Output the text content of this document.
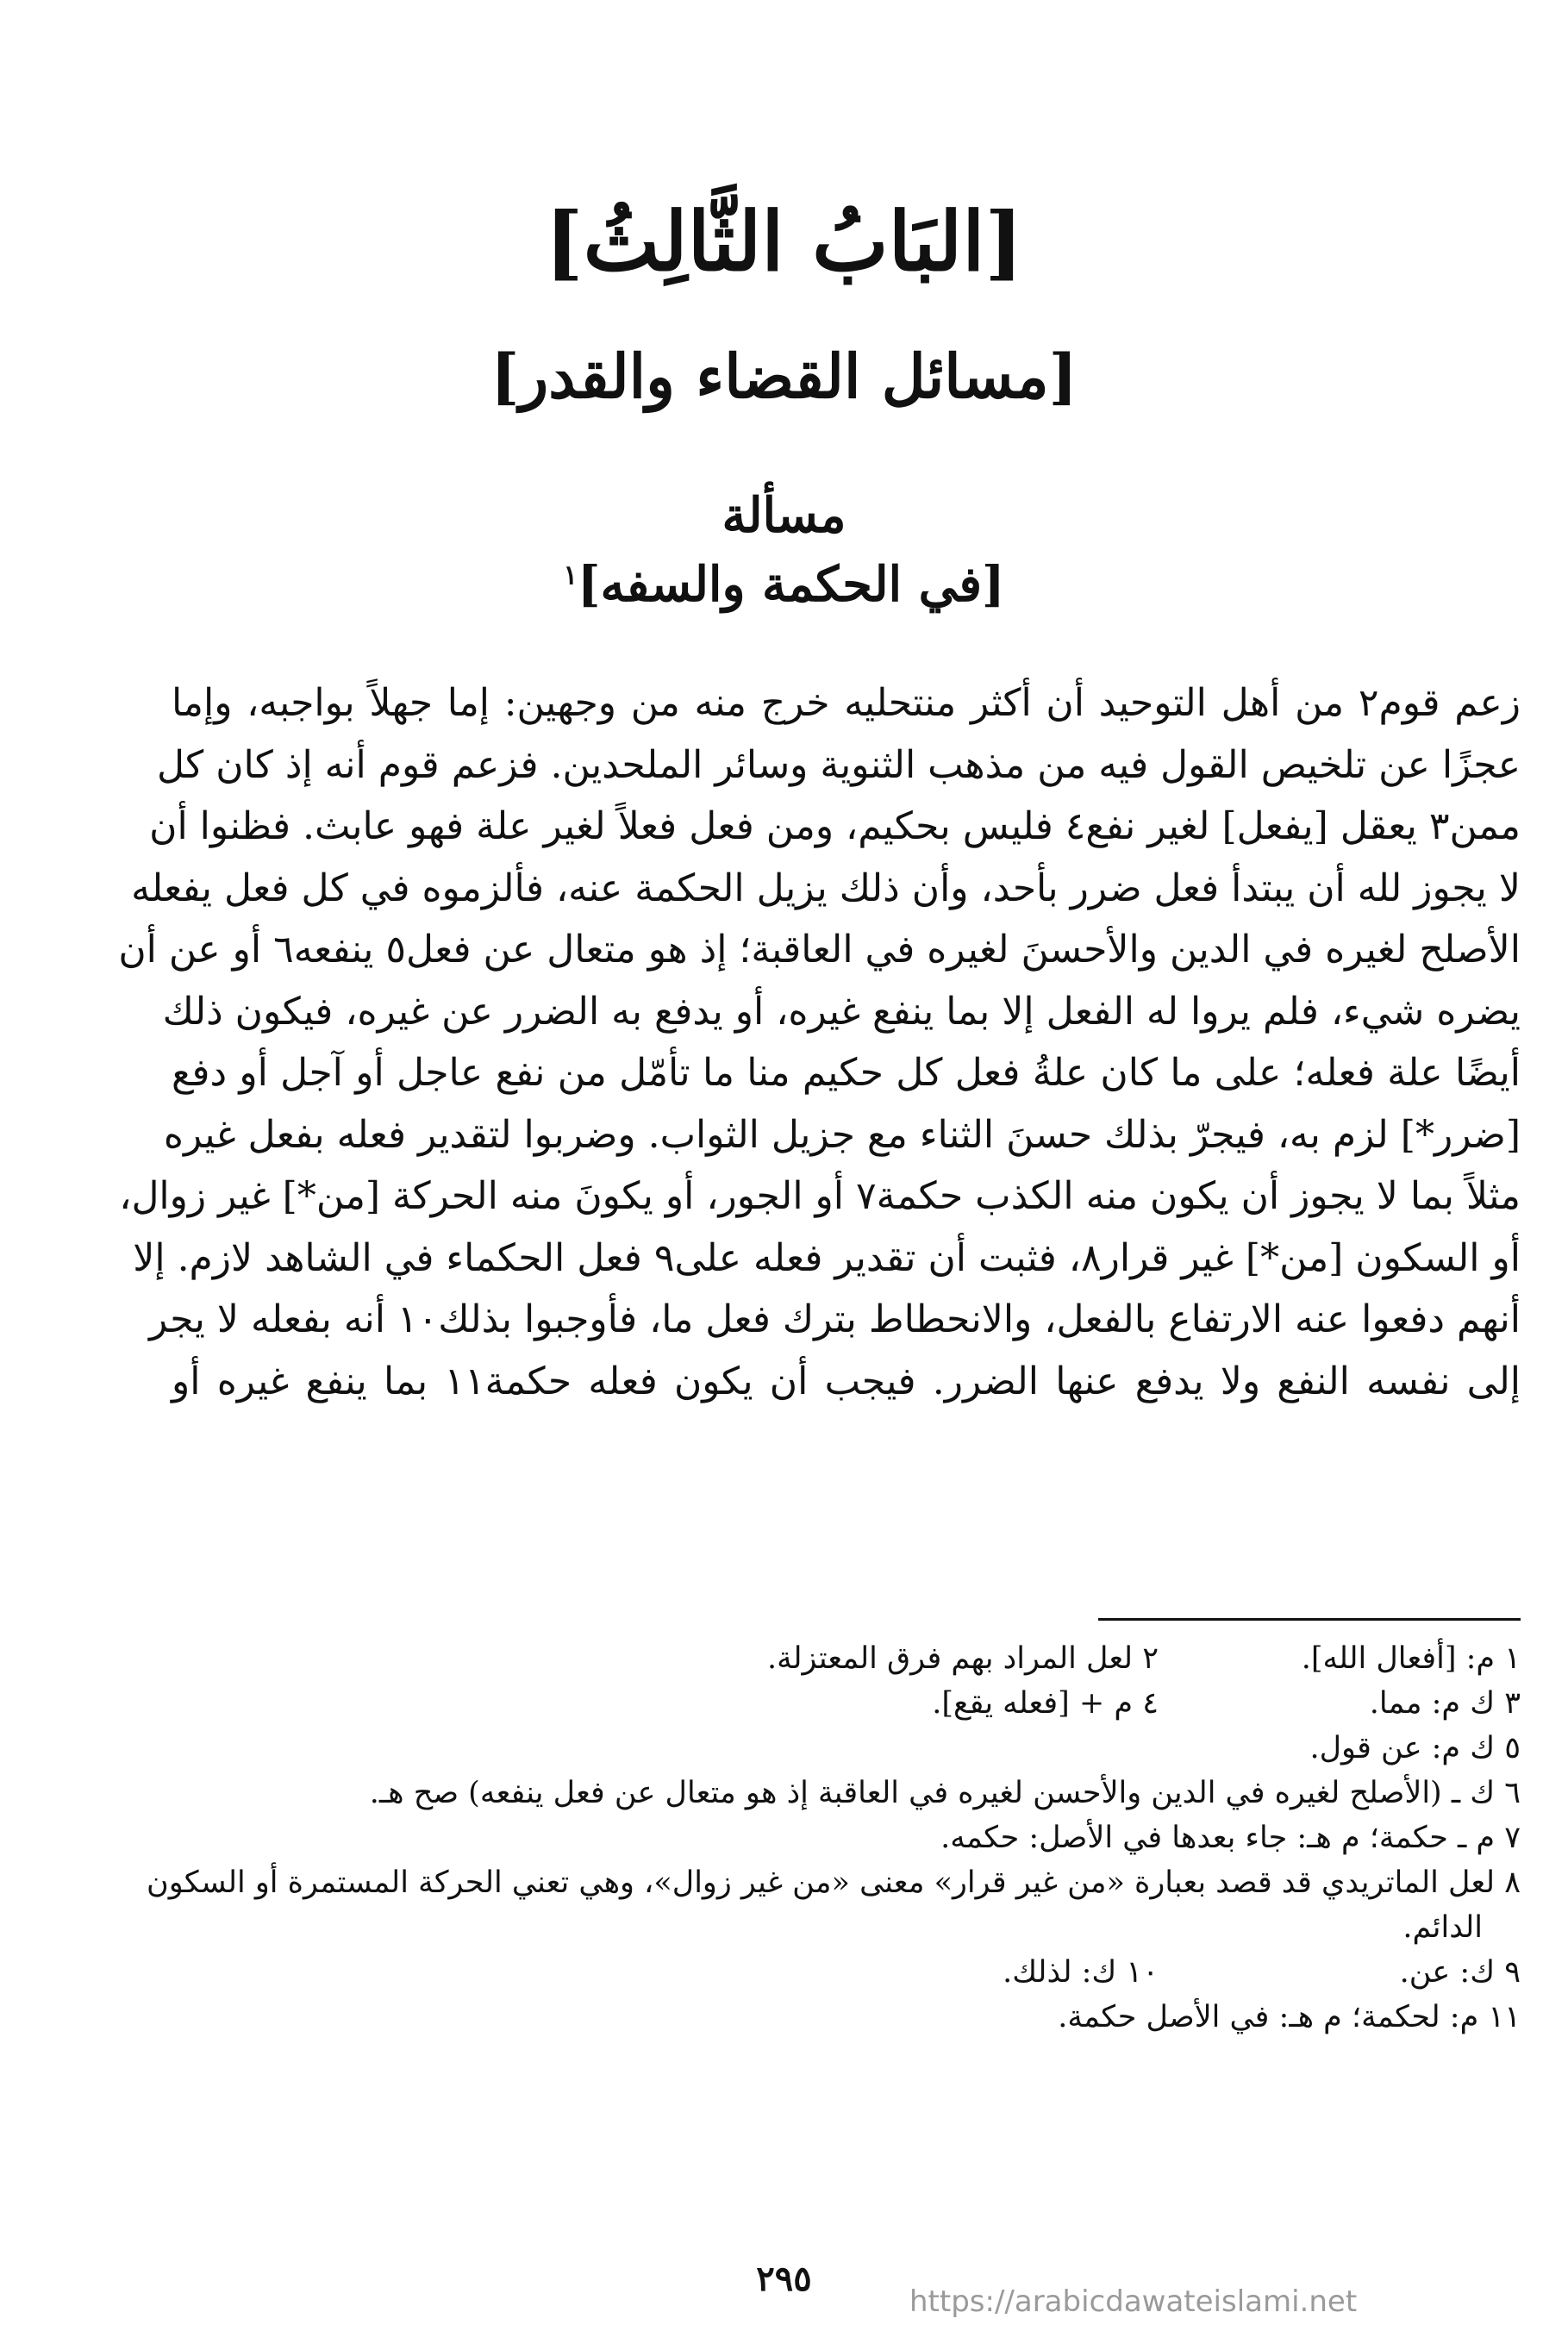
[البَابُ الثَّالِثُ]
[مسائل القضاء والقدر]
مسألة
[في الحكمة والسفه]$^١$
زعم قوم٢ من أهل التوحيد أن أكثر منتحليه خرج منه من وجهين: إما جهلاً بواجبه، وإما
عجزًا عن تلخيص القول فيه من مذهب الثنوية وسائر الملحدين. فزعم قوم أنه إذ كان كل
ممن٣ يعقل [يفعل] لغير نفع٤ فليس بحكيم، ومن فعل فعلاً لغير علة فهو عابث. فظنوا أن
لا يجوز لله أن يبتدأ فعل ضرر بأحد، وأن ذلك يزيل الحكمة عنه، فألزموه في كل فعل يفعله
الأصلح لغيره في الدين والأحسنَ لغيره في العاقبة؛ إذ هو متعال عن فعل٥ ينفعه٦ أو عن أن
يضره شيء، فلم يروا له الفعل إلا بما ينفع غيره، أو يدفع به الضرر عن غيره، فيكون ذلك
أيضًا علة فعله؛ على ما كان علةُ فعل كل حكيم منا ما تأمّل من نفع عاجل أو آجل أو دفع
[ضرر*] لزم به، فيجرّ بذلك حسنَ الثناء مع جزيل الثواب. وضربوا لتقدير فعله بفعل غيره
مثلاً بما لا يجوز أن يكون منه الكذب حكمة٧ أو الجور، أو يكونَ منه الحركة [من*] غير زوال،
أو السكون [من*] غير قرار٨، فثبت أن تقدير فعله على٩ فعل الحكماء في الشاهد لازم. إلا
أنهم دفعوا عنه الارتفاع بالفعل، والانحطاط بترك فعل ما، فأوجبوا بذلك١٠ أنه بفعله لا يجر
إلى نفسه النفع ولا يدفع عنها الضرر. فيجب أن يكون فعله حكمة١١ بما ينفع غيره أو
١ م: [أفعال الله].
٢ لعل المراد بهم فرق المعتزلة.
٣ ك م: مما.
٤ م + [فعله يقع].
٥ ك م: عن قول.
٦ ك ـ (الأصلح لغيره في الدين والأحسن لغيره في العاقبة إذ هو متعال عن فعل ينفعه) صح هـ.
٧ م ـ حكمة؛ م هـ: جاء بعدها في الأصل: حكمه.
٨ لعل الماتريدي قد قصد بعبارة «من غير قرار» معنى «من غير زوال»، وهي تعني الحركة المستمرة أو السكون
الدائم.
٩ ك: عن.
١٠ ك: لذلك.
١١ م: لحكمة؛ م هـ: في الأصل حكمة.
٢٩٥
https://arabicdawateislami.net
